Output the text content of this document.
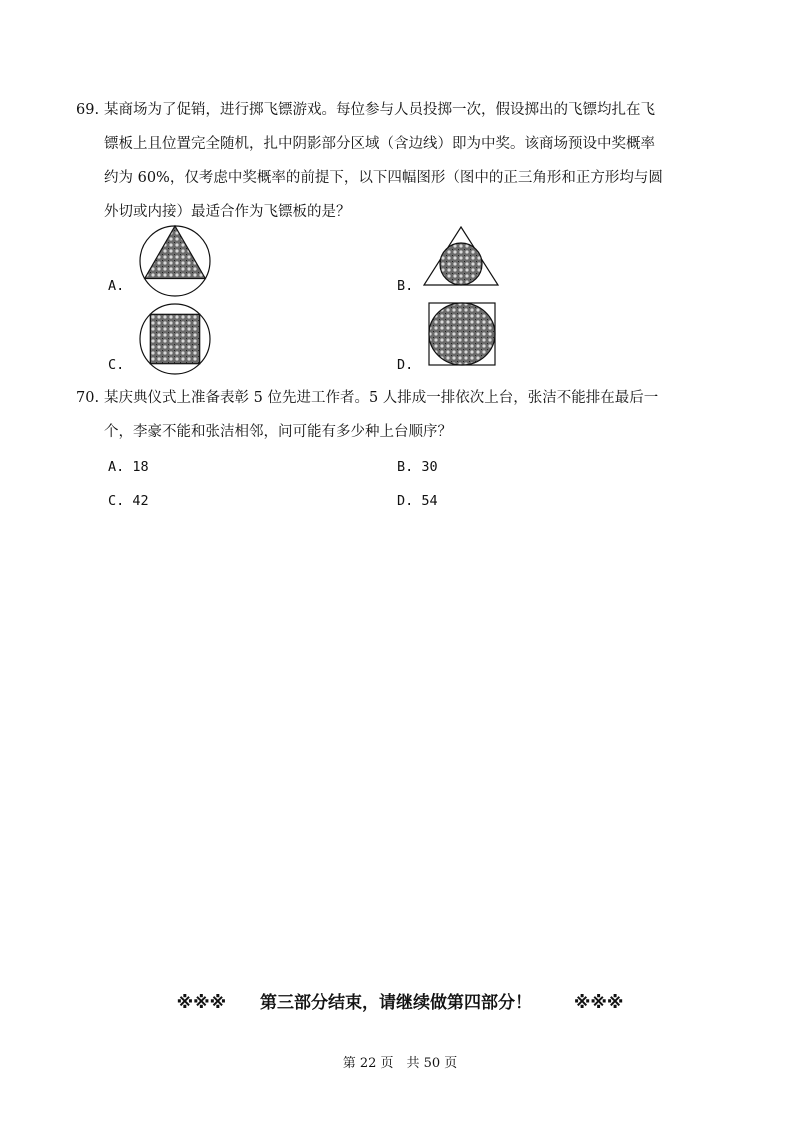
69. 某商场为了促销，进行掷飞镖游戏。每位参与人员投掷一次，假设掷出的飞镖均扎在飞
镖板上且位置完全随机，扎中阴影部分区域（含边线）即为中奖。该商场预设中奖概率
约为 60%，仅考虑中奖概率的前提下，以下四幅图形（图中的正三角形和正方形均与圆
外切或内接）最适合作为飞镖板的是？
A.	B.
C.	D.
70. 某庆典仪式上准备表彰 5 位先进工作者。5 人排成一排依次上台，张洁不能排在最后一
个，李豪不能和张洁相邻，问可能有多少种上台顺序？
A. 18	B. 30
C. 42	D. 54
※※※ 第三部分结束，请继续做第四部分！ ※※※
第 22 页　共 50 页
